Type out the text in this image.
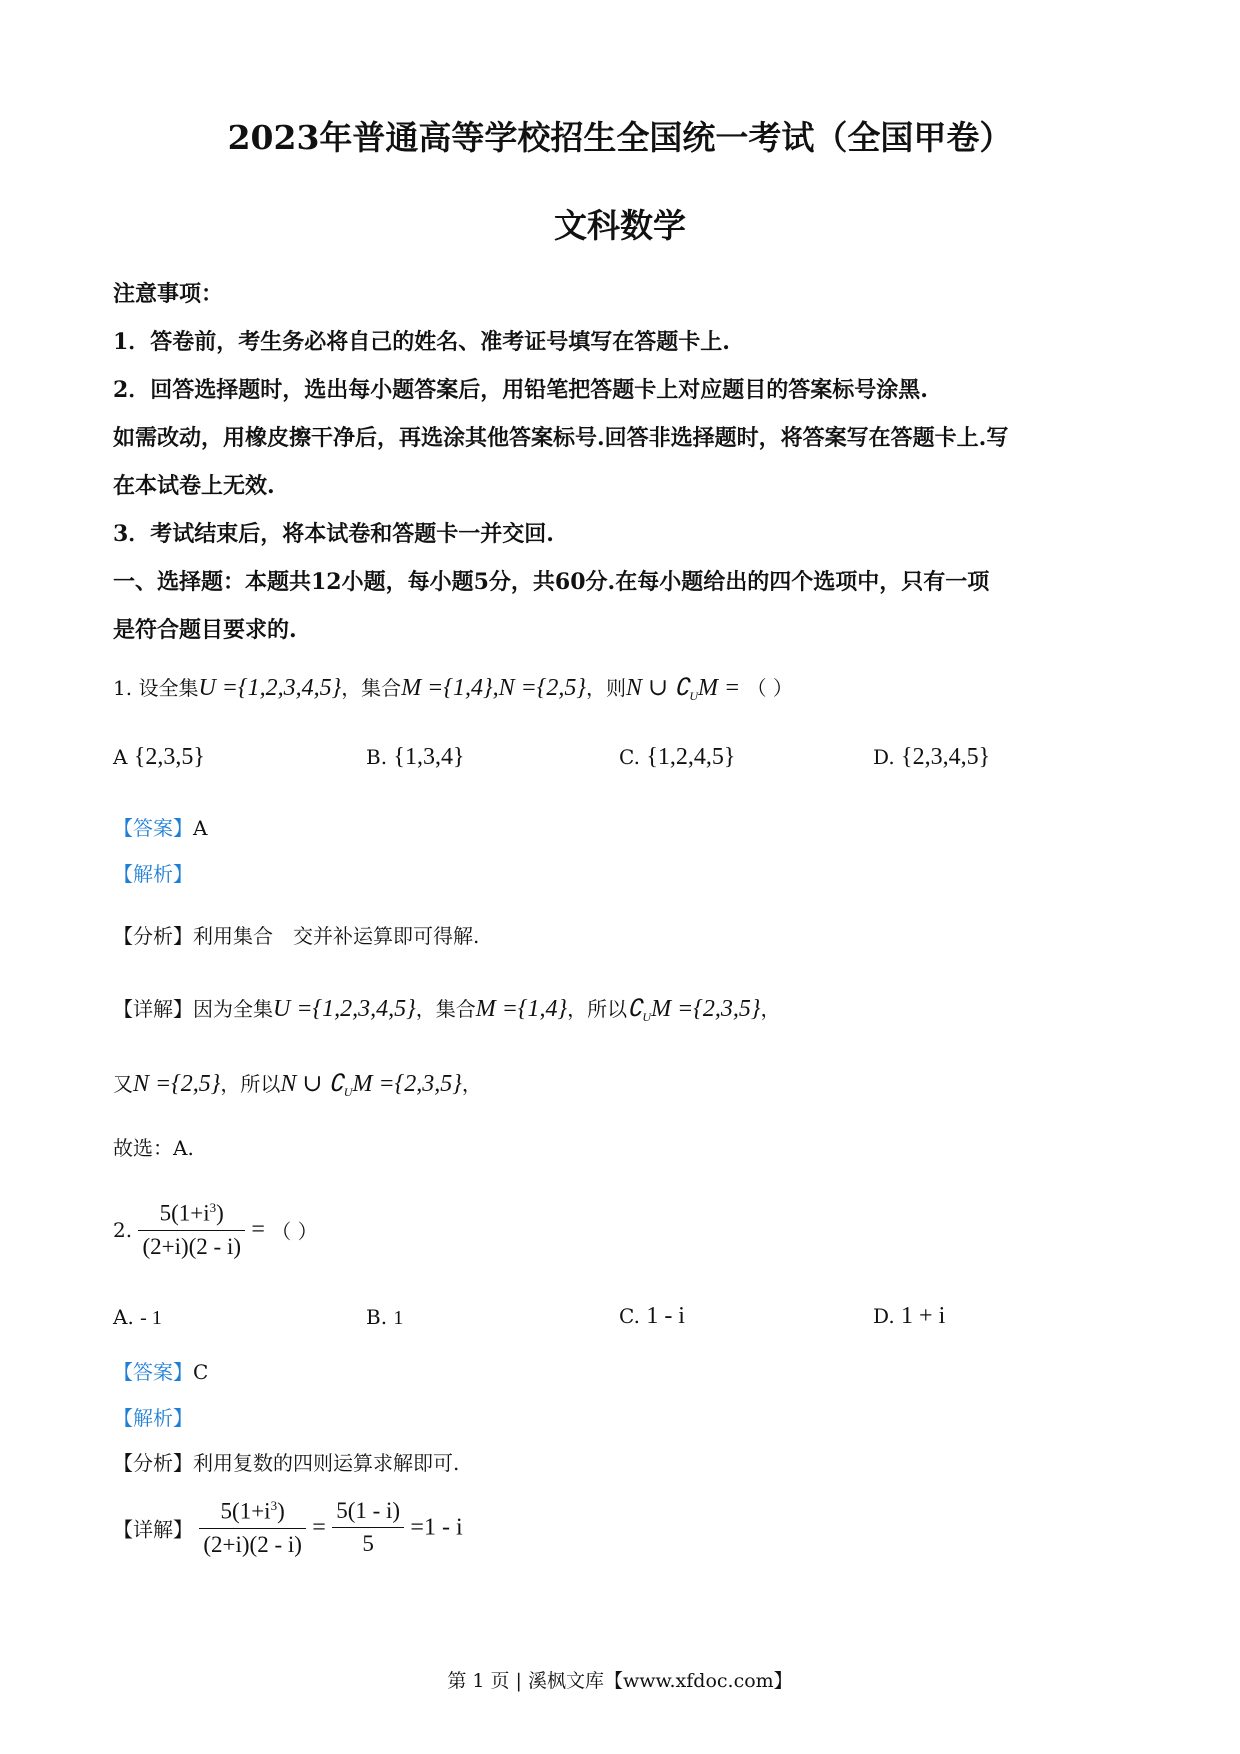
2023年普通高等学校招生全国统一考试（全国甲卷）
文科数学
注意事项：
1．答卷前，考生务必将自己的姓名、准考证号填写在答题卡上.
2．回答选择题时，选出每小题答案后，用铅笔把答题卡上对应题目的答案标号涂黑.
如需改动，用橡皮擦干净后，再选涂其他答案标号.回答非选择题时，将答案写在答题卡上.写
在本试卷上无效.
3．考试结束后，将本试卷和答题卡一并交回.
一、选择题：本题共12小题，每小题5分，共60分.在每小题给出的四个选项中，只有一项
是符合题目要求的.
1. 设全集U ={1,2,3,4,5}，集合M ={1,4},N ={2,5}，则N ∪ $∁_UM$ = （ ）
A {2,3,5}	B. {1,3,4}	C. {1,2,4,5}	D. {2,3,4,5}
【答案】A
【解析】
【分析】利用集合　交并补运算即可得解.
【详解】因为全集U ={1,2,3,4,5}，集合M ={1,4}，所以$∁_UM =\{2,3,5\}$，
又N ={2,5}，所以N ∪ $∁_UM =\{2,3,5\}$，
故选：A.
2. $\frac{5(1+i^3)}{(2+i)(2 - i)}$ = （ ）
A. - 1	B. 1	C. 1 - i	D. 1 + i
【答案】C
【解析】
【分析】利用复数的四则运算求解即可.
【详解】 $\frac{5(1+i^3)}{(2+i)(2 - i)} = \frac{5(1 - i)}{5} =1 - i$
第 1 页 | 溪枫文库【www.xfdoc.com】
